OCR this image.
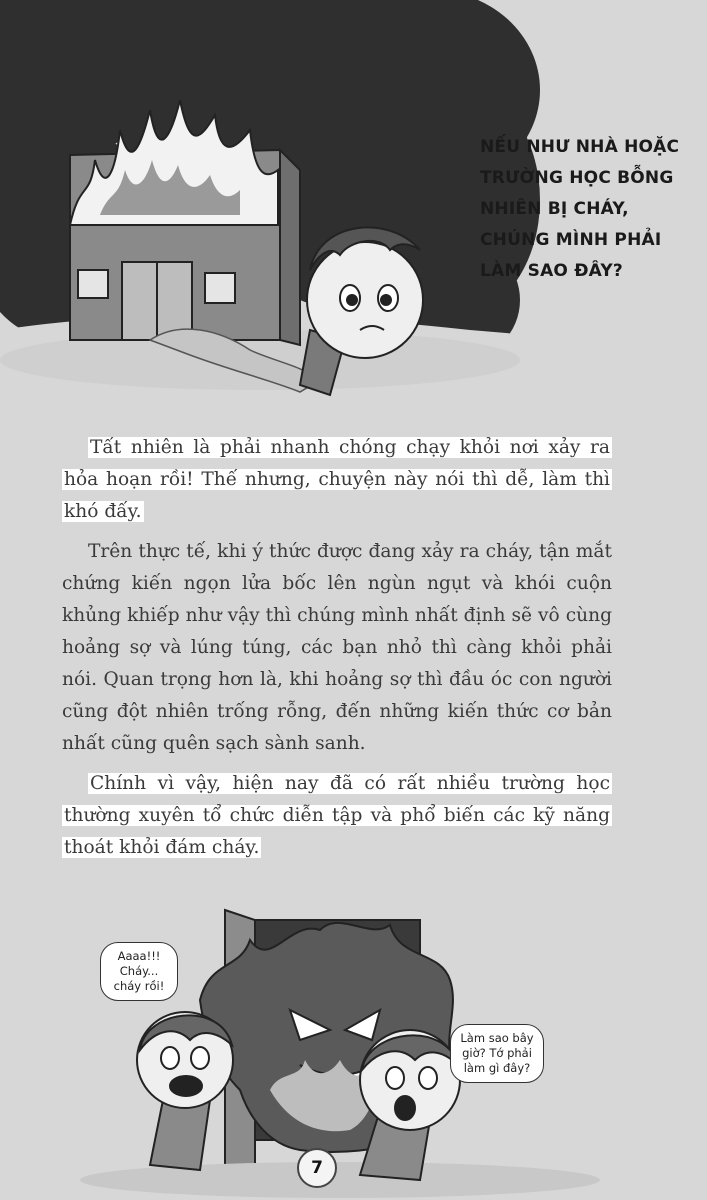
NẾU NHƯ NHÀ HOẶC
TRƯỜNG HỌC BỖNG
NHIÊN BỊ CHÁY,
CHÚNG MÌNH PHẢI
LÀM SAO ĐÂY?

Tất nhiên là phải nhanh chóng chạy khỏi nơi xảy ra hỏa hoạn rồi! Thế nhưng, chuyện này nói thì dễ, làm thì khó đấy.

Trên thực tế, khi ý thức được đang xảy ra cháy, tận mắt chứng kiến ngọn lửa bốc lên ngùn ngụt và khói cuộn khủng khiếp như vậy thì chúng mình nhất định sẽ vô cùng hoảng sợ và lúng túng, các bạn nhỏ thì càng khỏi phải nói. Quan trọng hơn là, khi hoảng sợ thì đầu óc con người cũng đột nhiên trống rỗng, đến những kiến thức cơ bản nhất cũng quên sạch sành sanh.

Chính vì vậy, hiện nay đã có rất nhiều trường học thường xuyên tổ chức diễn tập và phổ biến các kỹ năng thoát khỏi đám cháy.

Aaaa!!!
Cháy...
cháy rồi!
Làm sao bây
giờ? Tớ phải
làm gì đây?
7
